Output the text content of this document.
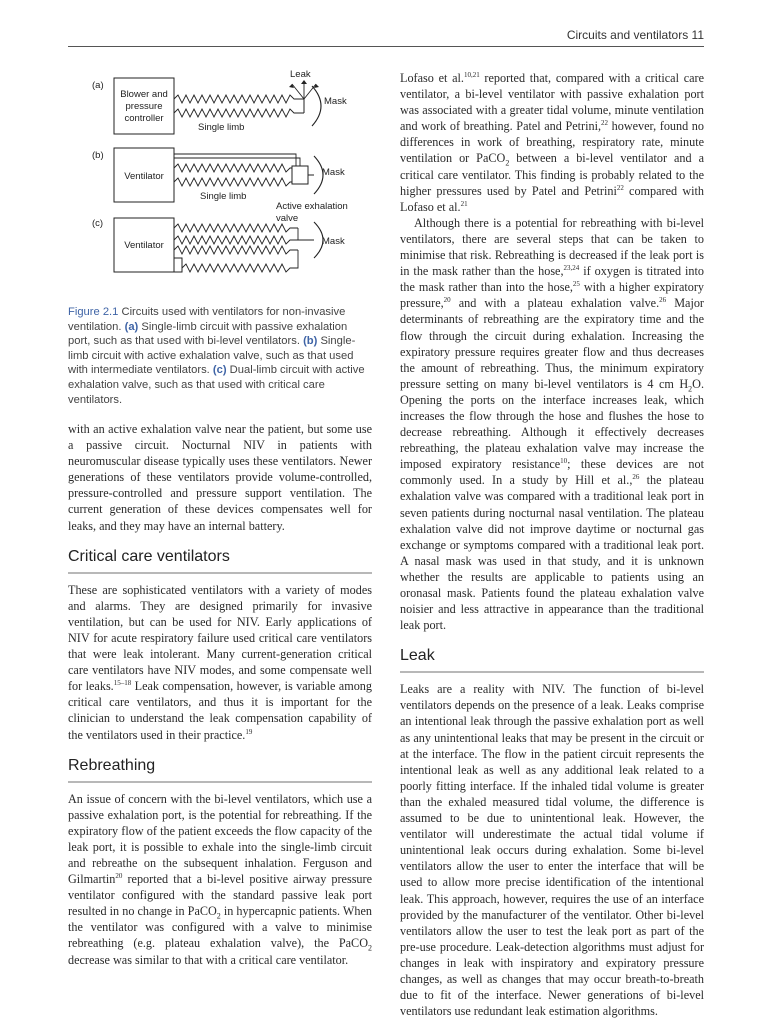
Circuits and ventilators 11
(a)
Blower and
pressure
controller
Leak
Mask
Single limb
(b)
Ventilator	Mask
Single limb
Active exhalation
valve
(c)
Ventilator	Mask
Figure 2.1 Circuits used with ventilators for non-invasive ventilation. (a) Single-limb circuit with passive exhalation port, such as that used with bi-level ventilators. (b) Single-limb circuit with active exhalation valve, such as that used with intermediate ventilators. (c) Dual-limb circuit with active exhalation valve, such as that used with critical care ventilators.

with an active exhalation valve near the patient, but some use a passive circuit. Nocturnal NIV in patients with neuromuscular disease typically uses these ventilators. Newer generations of these ventilators provide volume-controlled, pressure-controlled and pressure support ventilation. The current generation of these devices compensates well for leaks, and they may have an internal battery.

Critical care ventilators

These are sophisticated ventilators with a variety of modes and alarms. They are designed primarily for invasive ventilation, but can be used for NIV. Early applications of NIV for acute respiratory failure used critical care ventilators that were leak intolerant. Many current-generation critical care ventilators have NIV modes, and some compensate well for leaks.$^{15-18}$ Leak compensation, however, is variable among critical care ventilators, and thus it is important for the clinician to understand the leak compensation capability of the ventilators used in their practice.$^{19}$

Rebreathing

An issue of concern with the bi-level ventilators, which use a passive exhalation port, is the potential for rebreathing. If the expiratory flow of the patient exceeds the flow capacity of the leak port, it is possible to exhale into the single-limb circuit and rebreathe on the subsequent inhalation. Ferguson and Gilmartin$^{20}$ reported that a bi-level positive airway pressure ventilator configured with the standard passive leak port resulted in no change in PaCO$_2$ in hypercapnic patients. When the ventilator was configured with a valve to minimise rebreathing (e.g. plateau exhalation valve), the PaCO$_2$ decrease was similar to that with a critical care ventilator.

Lofaso et al.$^{10,21}$ reported that, compared with a critical care ventilator, a bi-level ventilator with passive exhalation port was associated with a greater tidal volume, minute ventilation and work of breathing. Patel and Petrini,$^{22}$ however, found no differences in work of breathing, respiratory rate, minute ventilation or PaCO$_2$ between a bi-level ventilator and a critical care ventilator. This finding is probably related to the higher pressures used by Patel and Petrini$^{22}$ compared with Lofaso et al.$^{21}$

Although there is a potential for rebreathing with bi-level ventilators, there are several steps that can be taken to minimise that risk. Rebreathing is decreased if the leak port is in the mask rather than the hose,$^{23,24}$ if oxygen is titrated into the mask rather than into the hose,$^{25}$ with a higher expiratory pressure,$^{20}$ and with a plateau exhalation valve.$^{26}$ Major determinants of rebreathing are the expiratory time and the flow through the circuit during exhalation. Increasing the expiratory pressure requires greater flow and thus decreases the amount of rebreathing. Thus, the minimum expiratory pressure setting on many bi-level ventilators is 4 cm $H_2O$. Opening the ports on the interface increases leak, which increases the flow through the hose and flushes the hose to decrease rebreathing. Although it effectively decreases rebreathing, the plateau exhalation valve may increase the imposed expiratory resistance$^{10}$; these devices are not commonly used. In a study by Hill et al.,$^{26}$ the plateau exhalation valve was compared with a traditional leak port in seven patients during nocturnal nasal ventilation. The plateau exhalation valve did not improve daytime or nocturnal gas exchange or symptoms compared with a traditional leak port. A nasal mask was used in that study, and it is unknown whether the results are applicable to patients using an oronasal mask. Patients found the plateau exhalation valve noisier and less attractive in appearance than the traditional leak port.

Leak

Leaks are a reality with NIV. The function of bi-level ventilators depends on the presence of a leak. Leaks comprise an intentional leak through the passive exhalation port as well as any unintentional leaks that may be present in the circuit or at the interface. The flow in the patient circuit represents the intentional leak as well as any additional leak related to a poorly fitting interface. If the inhaled tidal volume is greater than the exhaled measured tidal volume, the difference is assumed to be due to unintentional leak. However, the ventilator will underestimate the actual tidal volume if unintentional leak occurs during exhalation. Some bi-level ventilators allow the user to enter the interface that will be used to allow more precise identification of the intentional leak. This approach, however, requires the use of an interface provided by the manufacturer of the ventilator. Other bi-level ventilators allow the user to test the leak port as part of the pre-use procedure. Leak-detection algorithms must adjust for changes in leak with inspiratory and expiratory pressure changes, as well as changes that may occur breath-to-breath due to fit of the interface. Newer generations of bi-level ventilators use redundant leak estimation algorithms.
